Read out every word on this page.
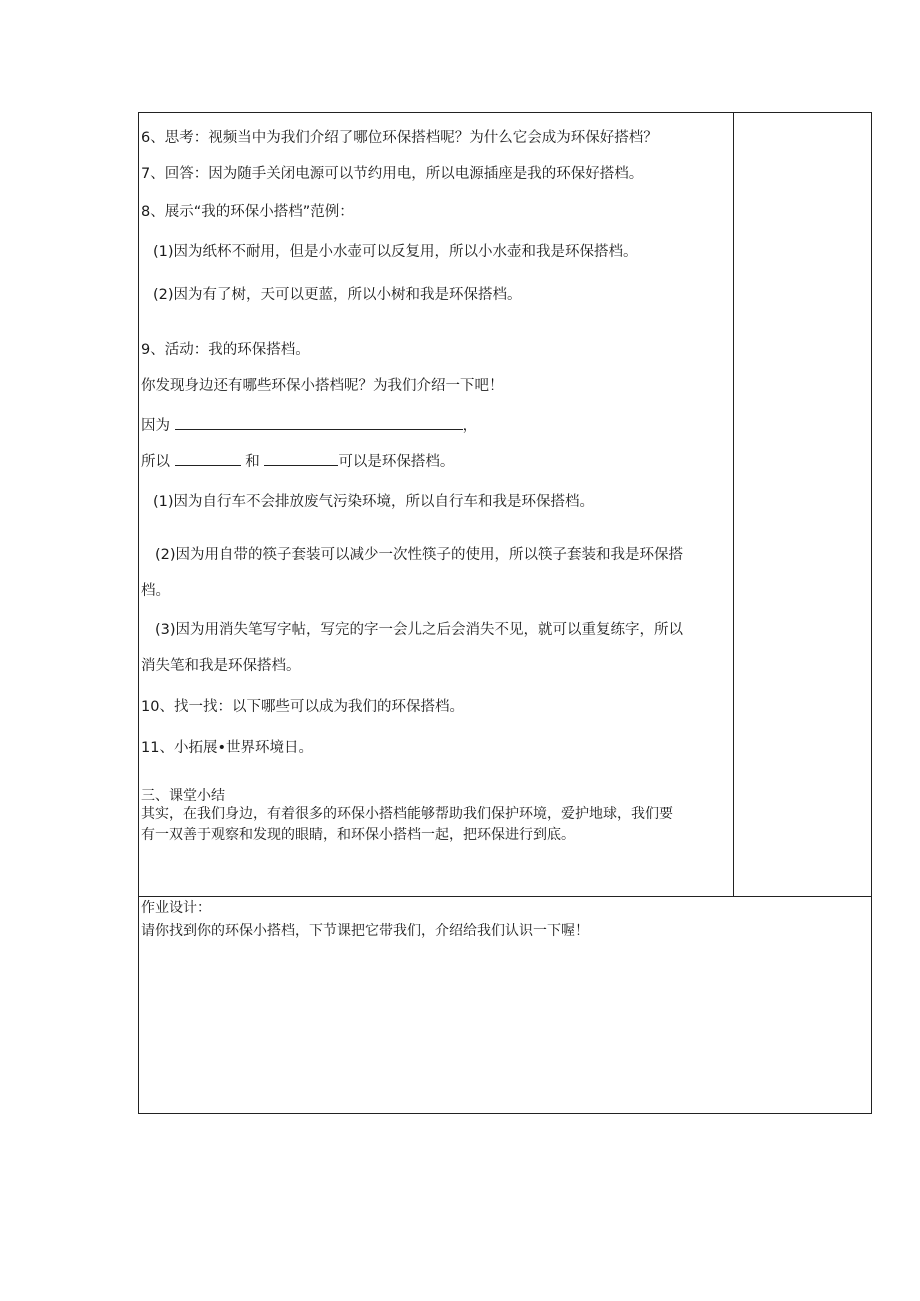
6、思考：视频当中为我们介绍了哪位环保搭档呢？为什么它会成为环保好搭档？
7、回答：因为随手关闭电源可以节约用电，所以电源插座是我的环保好搭档。
8、展示“我的环保小搭档”范例：
(1)因为纸杯不耐用，但是小水壶可以反复用，所以小水壶和我是环保搭档。
(2)因为有了树，天可以更蓝，所以小树和我是环保搭档。
9、活动：我的环保搭档。
你发现身边还有哪些环保小搭档呢？为我们介绍一下吧！
因为	，
所以	和	可以是环保搭档。
(1)因为自行车不会排放废气污染环境，所以自行车和我是环保搭档。
(2)因为用自带的筷子套装可以减少一次性筷子的使用，所以筷子套装和我是环保搭
档。
(3)因为用消失笔写字帖，写完的字一会儿之后会消失不见，就可以重复练字，所以
消失笔和我是环保搭档。
10、找一找：以下哪些可以成为我们的环保搭档。
11、小拓展•世界环境日。
三、课堂小结
其实，在我们身边，有着很多的环保小搭档能够帮助我们保护环境，爱护地球，我们要
有一双善于观察和发现的眼睛，和环保小搭档一起，把环保进行到底。
作业设计：
请你找到你的环保小搭档，下节课把它带我们，介绍给我们认识一下喔！
